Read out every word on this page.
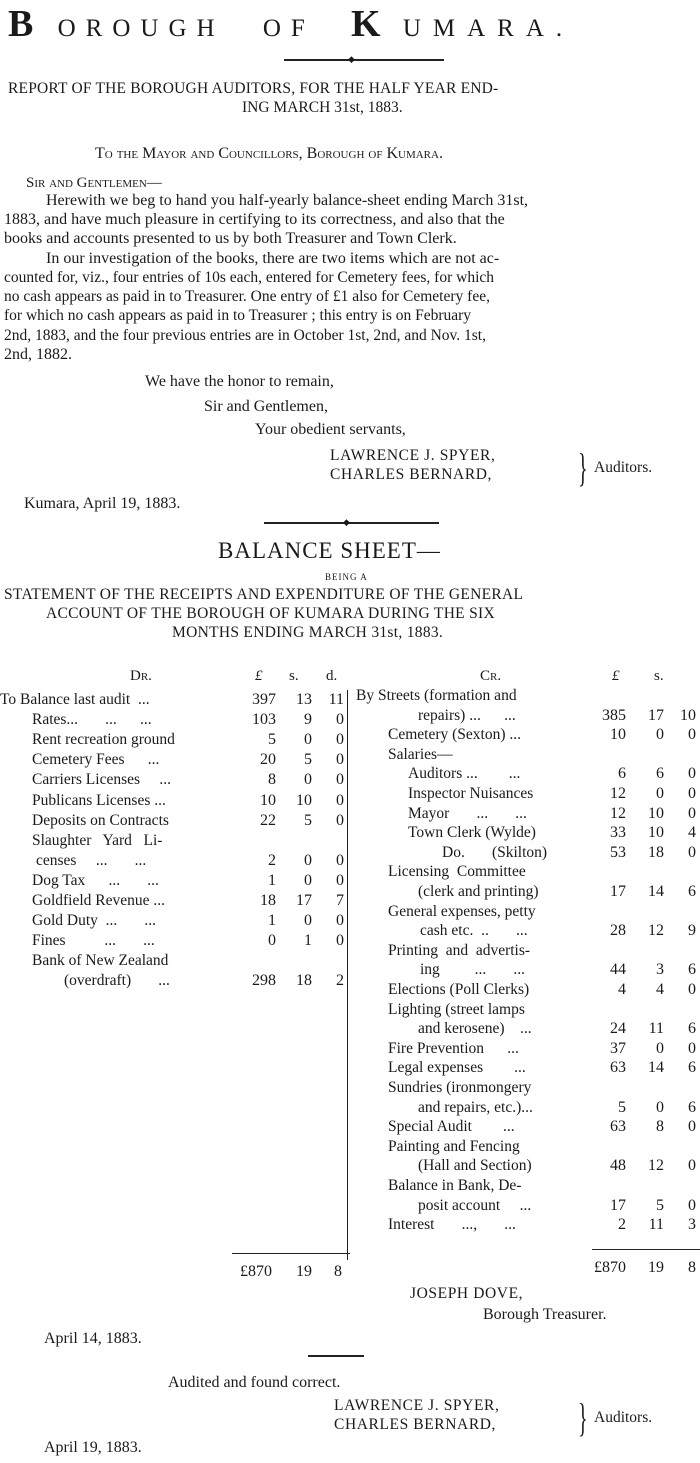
B OROUGH OF K UMARA.
◆
REPORT OF THE BOROUGH AUDITORS, FOR THE HALF YEAR END-
ING MARCH 31st, 1883.
To the Mayor and Councillors, Borough of Kumara.
Sir and Gentlemen—
Herewith we beg to hand you half-yearly balance-sheet ending March 31st,
1883, and have much pleasure in certifying to its correctness, and also that the
books and accounts presented to us by both Treasurer and Town Clerk.
In our investigation of the books, there are two items which are not ac-
counted for, viz., four entries of 10s each, entered for Cemetery fees, for which
no cash appears as paid in to Treasurer. One entry of £1 also for Cemetery fee,
for which no cash appears as paid in to Treasurer ; this entry is on February
2nd, 1883, and the four previous entries are in October 1st, 2nd, and Nov. 1st,
2nd, 1882.
We have the honor to remain,
Sir and Gentlemen,
Your obedient servants,
LAWRENCE J. SPYER,
CHARLES BERNARD, } Auditors.
Kumara, April 19, 1883.
◆
BALANCE SHEET—
BEING A
STATEMENT OF THE RECEIPTS AND EXPENDITURE OF THE GENERAL
ACCOUNT OF THE BOROUGH OF KUMARA DURING THE SIX
MONTHS ENDING MARCH 31st, 1883.
Dr.	£ s. d.	Cr.	£ s.
To Balance last audit  ...	397	13	11
Rates...       ...      ...	103	9	0
Rent recreation ground	5	0	0
Cemetery Fees      ...	20	5	0
Carriers Licenses     ...	8	0	0
Publicans Licenses ...	10	10	0
Deposits on Contracts	22	5	0
Slaughter   Yard   Li-
censes     ...       ...	2	0	0
Dog Tax      ...       ...	1	0	0
Goldfield Revenue ...	18	17	7
Gold Duty  ...       ...	1	0	0
Fines          ...       ...	0	1	0
Bank of New Zealand
(overdraft)       ...	298	18	2
By Streets (formation and
repairs) ...      ...	385	17	10
Cemetery (Sexton) ...	10	0	0
Salaries—
Auditors ...        ...	6	6	0
Inspector Nuisances	12	0	0
Mayor       ...       ...	12	10	0
Town Clerk (Wylde)	33	10	4
Do.       (Skilton)	53	18	0
Licensing  Committee
(clerk and printing)	17	14	6
General expenses, petty
cash etc.  ..       ...	28	12	9
Printing  and  advertis-
ing         ...       ...	44	3	6
Elections (Poll Clerks)	4	4	0
Lighting (street lamps
and kerosene)    ...	24	11	6
Fire Prevention      ...	37	0	0
Legal expenses        ...	63	14	6
Sundries (ironmongery
and repairs, etc.)...	5	0	6
Special Audit        ...	63	8	0
Painting and Fencing
(Hall and Section)	48	12	0
Balance in Bank, De-
posit account     ...	17	5	0
Interest       ...,       ...	2	11	3
£870	19	8	£870	19	8
JOSEPH DOVE,
Borough Treasurer.
April 14, 1883.
Audited and found correct.
LAWRENCE J. SPYER,
CHARLES BERNARD, } Auditors.
April 19, 1883.
